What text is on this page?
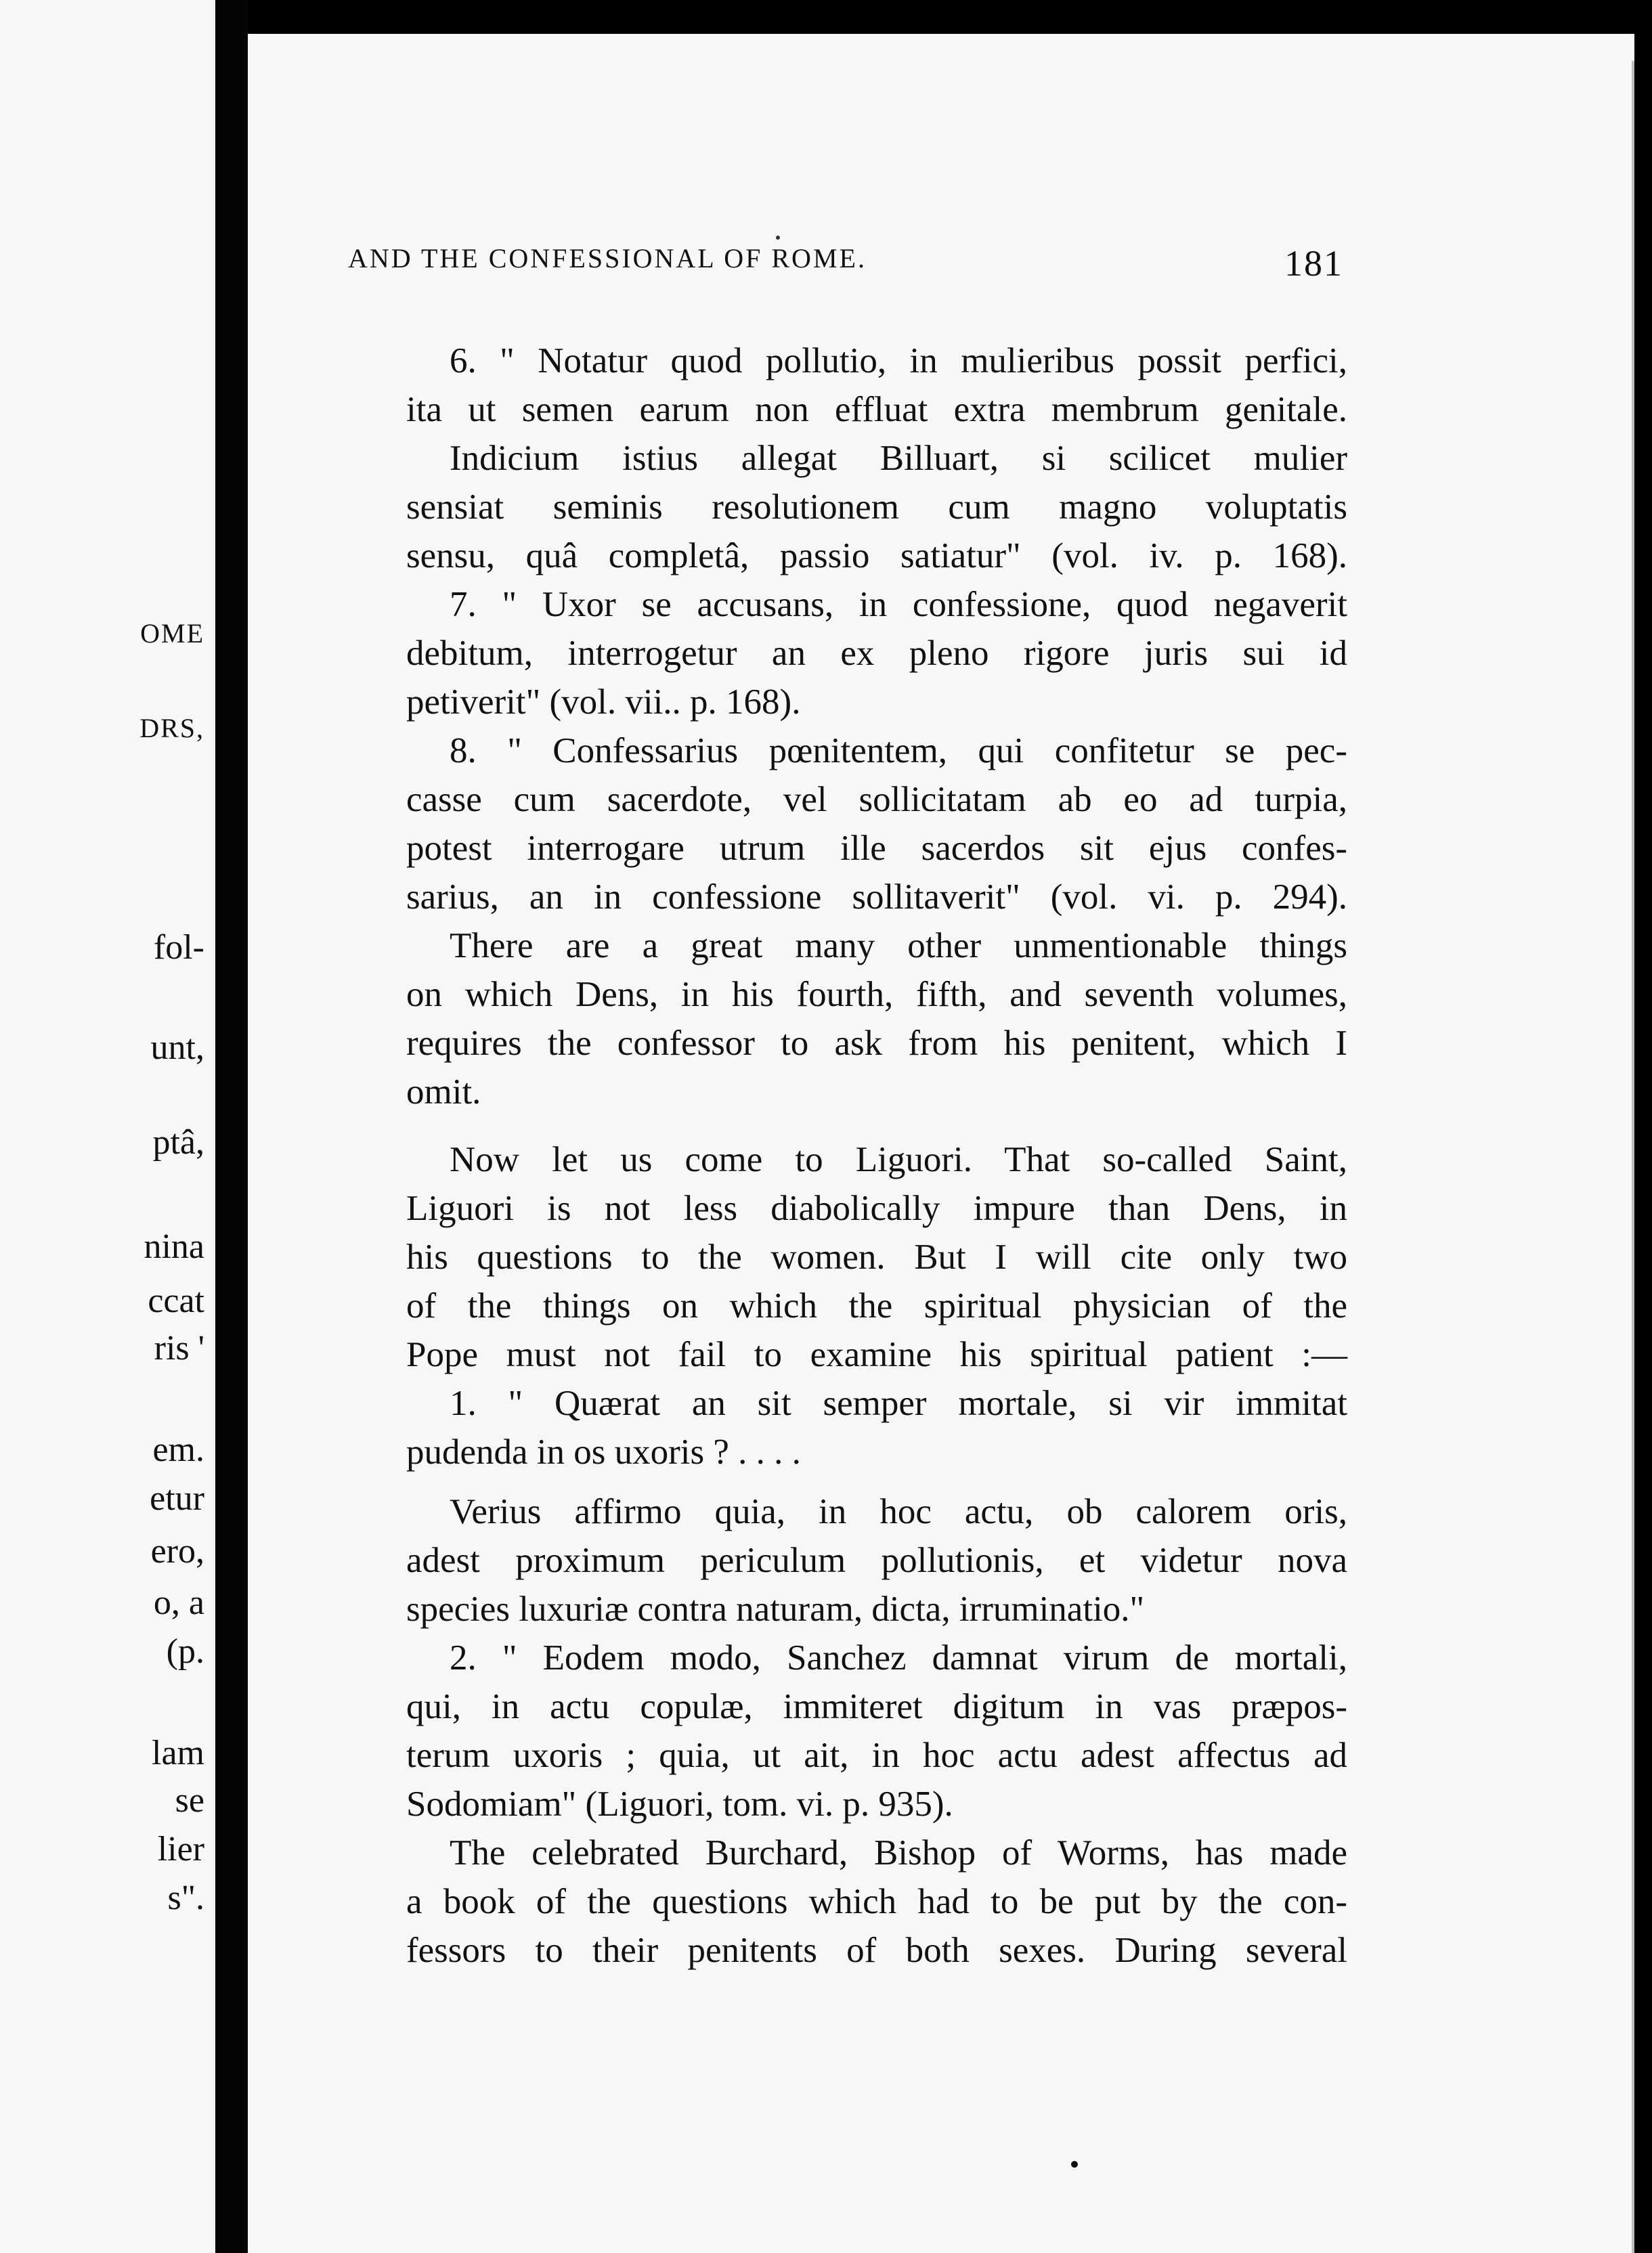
OME
DRS,
fol-
unt,
ptâ,
nina
ccat
ris '
em.
etur
ero,
o, a
(p.
lam
se
lier
s".
AND THE CONFESSIONAL OF ROME.	181
6. " Notatur quod pollutio, in mulieribus possit perfici,
ita ut semen earum non effluat extra membrum genitale.
Indicium istius allegat Billuart, si scilicet mulier
sensiat seminis resolutionem cum magno voluptatis
sensu, quâ completâ, passio satiatur" (vol. iv. p. 168).
7. " Uxor se accusans, in confessione, quod negaverit
debitum, interrogetur an ex pleno rigore juris sui id
petiverit" (vol. vii.. p. 168).
8. " Confessarius pœnitentem, qui confitetur se pec-
casse cum sacerdote, vel sollicitatam ab eo ad turpia,
potest interrogare utrum ille sacerdos sit ejus confes-
sarius, an in confessione sollitaverit" (vol. vi. p. 294).
There are a great many other unmentionable things
on which Dens, in his fourth, fifth, and seventh volumes,
requires the confessor to ask from his penitent, which I
omit.
Now let us come to Liguori. That so-called Saint,
Liguori is not less diabolically impure than Dens, in
his questions to the women. But I will cite only two
of the things on which the spiritual physician of the
Pope must not fail to examine his spiritual patient :—
1. " Quærat an sit semper mortale, si vir immitat
pudenda in os uxoris ? . . . .
Verius affirmo quia, in hoc actu, ob calorem oris,
adest proximum periculum pollutionis, et videtur nova
species luxuriæ contra naturam, dicta, irruminatio."
2. " Eodem modo, Sanchez damnat virum de mortali,
qui, in actu copulæ, immiteret digitum in vas præpos-
terum uxoris ; quia, ut ait, in hoc actu adest affectus ad
Sodomiam" (Liguori, tom. vi. p. 935).
The celebrated Burchard, Bishop of Worms, has made
a book of the questions which had to be put by the con-
fessors to their penitents of both sexes. During several
